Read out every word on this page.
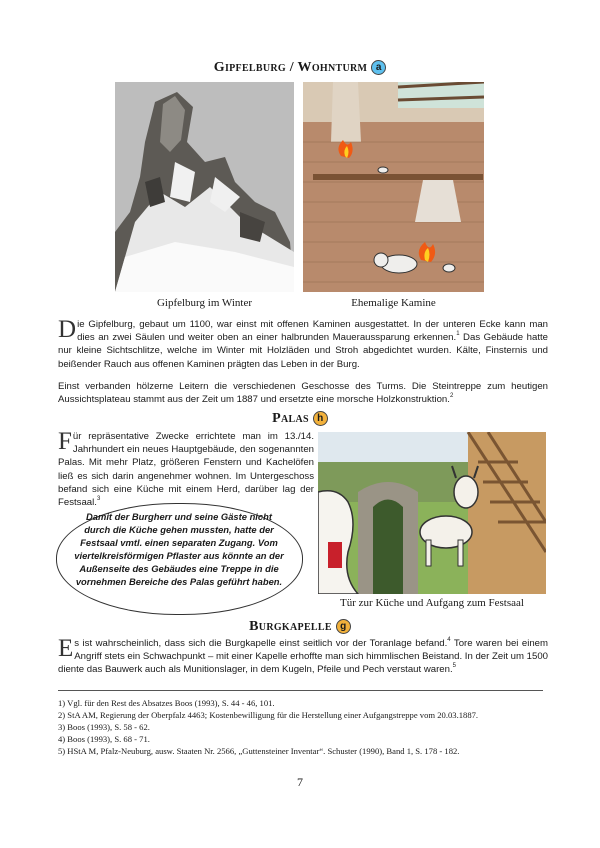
Gipfelburg / Wohnturm a
Gipfelburg im Winter	Ehemalige Kamine
Die Gipfelburg, gebaut um 1100, war einst mit offenen Kaminen ausgestattet. In der unteren Ecke kann man dies an zwei Säulen und weiter oben an einer halbrunden Maueraussparung erkennen.$^1$ Das Gebäude hatte nur kleine Sichtschlitze, welche im Winter mit Holzläden und Stroh abgedichtet wurden. Kälte, Finsternis und beißender Rauch aus offenen Kaminen prägten das Leben in der Burg.
Einst verbanden hölzerne Leitern die verschiedenen Geschosse des Turms. Die Steintreppe zum heutigen Aussichtsplateau stammt aus der Zeit um 1887 und ersetzte eine morsche Holzkonstruktion.$^2$
Palas h
Für repräsentative Zwecke errichtete man im 13./14. Jahrhundert ein neues Hauptgebäude, den sogenannten Palas. Mit mehr Platz, größeren Fenstern und Kachelöfen ließ es sich darin angenehmer wohnen. Im Untergeschoss befand sich eine Küche mit einem Herd, darüber lag der Festsaal.$^3$
Damit der Burgherr und seine Gäste nicht durch die Küche gehen mussten, hatte der Festsaal vmtl. einen separaten Zugang. Vom viertelkreisförmigen Pflaster aus könnte an der Außenseite des Gebäudes eine Treppe in die vornehmen Bereiche des Palas geführt haben.
Tür zur Küche und Aufgang zum Festsaal
Burgkapelle g
Es ist wahrscheinlich, dass sich die Burgkapelle einst seitlich vor der Toranlage befand.$^4$ Tore waren bei einem Angriff stets ein Schwachpunkt – mit einer Kapelle erhoffte man sich himmlischen Beistand. In der Zeit um 1500 diente das Bauwerk auch als Munitionslager, in dem Kugeln, Pfeile und Pech verstaut waren.$^5$
1) Vgl. für den Rest des Absatzes Boos (1993), S. 44 - 46, 101.
2) StA AM, Regierung der Oberpfalz 4463; Kostenbewilligung für die Herstellung einer Aufgangstreppe vom 20.03.1887.
3) Boos (1993), S. 58 - 62.
4) Boos (1993), S. 68 - 71.
5) HStA M, Pfalz-Neuburg, ausw. Staaten Nr. 2566, „Guttensteiner Inventar“. Schuster (1990), Band 1, S. 178 - 182.
7
